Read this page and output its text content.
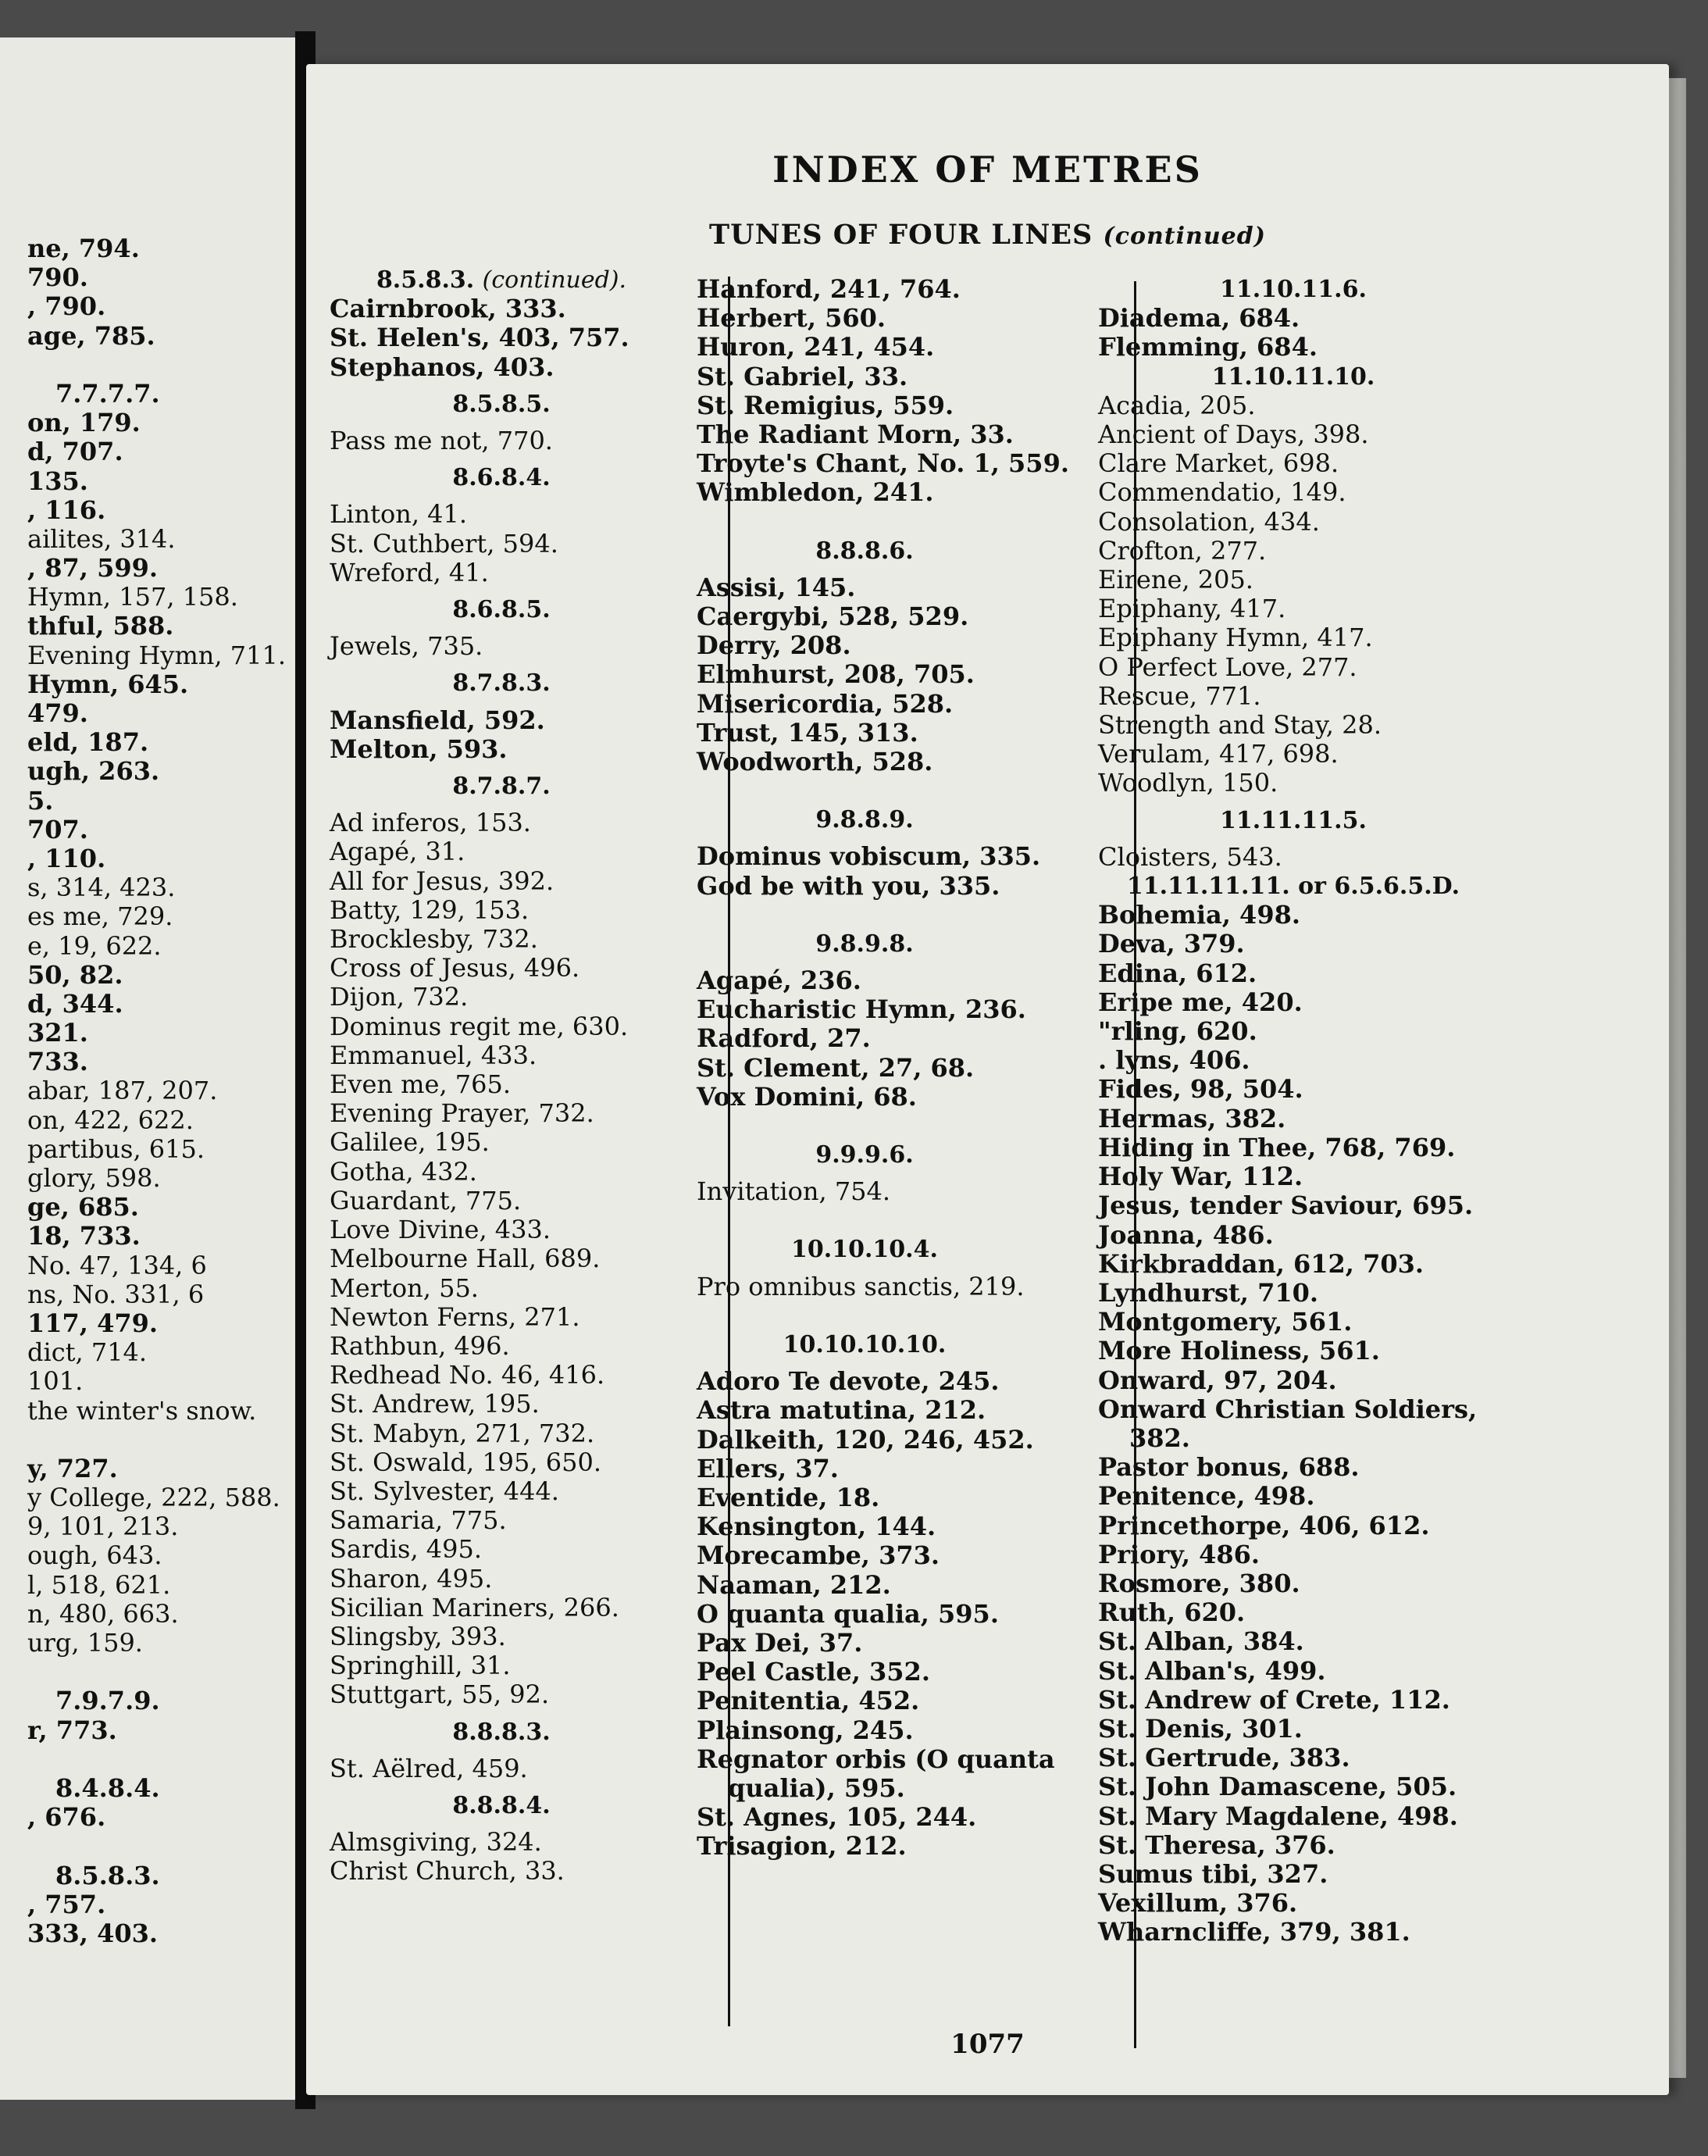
ne, 794.
790.
, 790.
age, 785.
7.7.7.7.
on, 179.
d, 707.
135.
, 116.
ailites, 314.
, 87, 599.
Hymn, 157, 158.
thful, 588.
Evening Hymn, 711.
Hymn, 645.
479.
eld, 187.
ugh, 263.
5.
707.
, 110.
s, 314, 423.
es me, 729.
e, 19, 622.
50, 82.
d, 344.
321.
733.
abar, 187, 207.
on, 422, 622.
partibus, 615.
glory, 598.
ge, 685.
18, 733.
No. 47, 134, 6
ns, No. 331, 6
117, 479.
dict, 714.
101.
the winter's snow.
y, 727.
y College, 222, 588.
9, 101, 213.
ough, 643.
l, 518, 621.
n, 480, 663.
urg, 159.
7.9.7.9.
r, 773.
8.4.8.4.
, 676.
8.5.8.3.
, 757.
333, 403.
INDEX OF METRES
TUNES OF FOUR LINES (continued)
8.5.8.3. (continued).
Cairnbrook, 333.
St. Helen's, 403, 757.
Stephanos, 403.
8.5.8.5.
Pass me not, 770.
8.6.8.4.
Linton, 41.
St. Cuthbert, 594.
Wreford, 41.
8.6.8.5.
Jewels, 735.
8.7.8.3.
Mansfield, 592.
Melton, 593.
8.7.8.7.
Ad inferos, 153.
Agapé, 31.
All for Jesus, 392.
Batty, 129, 153.
Brocklesby, 732.
Cross of Jesus, 496.
Dijon, 732.
Dominus regit me, 630.
Emmanuel, 433.
Even me, 765.
Evening Prayer, 732.
Galilee, 195.
Gotha, 432.
Guardant, 775.
Love Divine, 433.
Melbourne Hall, 689.
Merton, 55.
Newton Ferns, 271.
Rathbun, 496.
Redhead No. 46, 416.
St. Andrew, 195.
St. Mabyn, 271, 732.
St. Oswald, 195, 650.
St. Sylvester, 444.
Samaria, 775.
Sardis, 495.
Sharon, 495.
Sicilian Mariners, 266.
Slingsby, 393.
Springhill, 31.
Stuttgart, 55, 92.
8.8.8.3.
St. Aëlred, 459.
8.8.8.4.
Almsgiving, 324.
Christ Church, 33.
Hanford, 241, 764.
Herbert, 560.
Huron, 241, 454.
St. Gabriel, 33.
St. Remigius, 559.
The Radiant Morn, 33.
Troyte's Chant, No. 1, 559.
Wimbledon, 241.
8.8.8.6.
Assisi, 145.
Caergybi, 528, 529.
Derry, 208.
Elmhurst, 208, 705.
Misericordia, 528.
Trust, 145, 313.
Woodworth, 528.
9.8.8.9.
Dominus vobiscum, 335.
God be with you, 335.
9.8.9.8.
Agapé, 236.
Eucharistic Hymn, 236.
Radford, 27.
St. Clement, 27, 68.
Vox Domini, 68.
9.9.9.6.
Invitation, 754.
10.10.10.4.
Pro omnibus sanctis, 219.
10.10.10.10.
Adoro Te devote, 245.
Astra matutina, 212.
Dalkeith, 120, 246, 452.
Ellers, 37.
Eventide, 18.
Kensington, 144.
Morecambe, 373.
Naaman, 212.
O quanta qualia, 595.
Pax Dei, 37.
Peel Castle, 352.
Penitentia, 452.
Plainsong, 245.
Regnator orbis (O quanta
qualia), 595.
St. Agnes, 105, 244.
Trisagion, 212.
11.10.11.6.
Diadema, 684.
Flemming, 684.
11.10.11.10.
Acadia, 205.
Ancient of Days, 398.
Clare Market, 698.
Commendatio, 149.
Consolation, 434.
Crofton, 277.
Eirene, 205.
Epiphany, 417.
Epiphany Hymn, 417.
O Perfect Love, 277.
Rescue, 771.
Strength and Stay, 28.
Verulam, 417, 698.
Woodlyn, 150.
11.11.11.5.
Cloisters, 543.
11.11.11.11. or 6.5.6.5.D.
Bohemia, 498.
Deva, 379.
Edina, 612.
Eripe me, 420.
"rling, 620.
. lyns, 406.
Fides, 98, 504.
Hermas, 382.
Hiding in Thee, 768, 769.
Holy War, 112.
Jesus, tender Saviour, 695.
Joanna, 486.
Kirkbraddan, 612, 703.
Lyndhurst, 710.
Montgomery, 561.
More Holiness, 561.
Onward, 97, 204.
Onward Christian Soldiers,
382.
Pastor bonus, 688.
Penitence, 498.
Princethorpe, 406, 612.
Priory, 486.
Rosmore, 380.
Ruth, 620.
St. Alban, 384.
St. Alban's, 499.
St. Andrew of Crete, 112.
St. Denis, 301.
St. Gertrude, 383.
St. John Damascene, 505.
St. Mary Magdalene, 498.
St. Theresa, 376.
Sumus tibi, 327.
Vexillum, 376.
Wharncliffe, 379, 381.
1077
